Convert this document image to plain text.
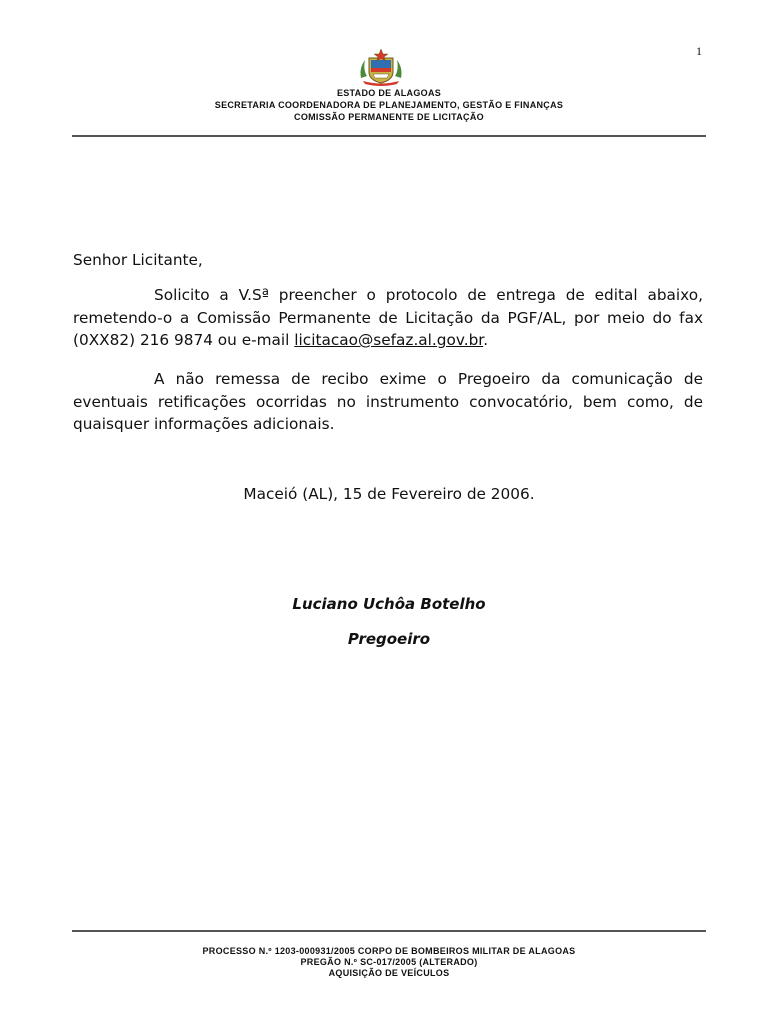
1
ESTADO DE ALAGOAS
SECRETARIA COORDENADORA DE PLANEJAMENTO, GESTÃO E FINANÇAS
COMISSÃO PERMANENTE DE LICITAÇÃO
Senhor Licitante,

Solicito a V.Sª preencher o protocolo de entrega de edital abaixo, remetendo-o a Comissão Permanente de Licitação da PGF/AL, por meio do fax (0XX82) 216 9874 ou e-mail licitacao@sefaz.al.gov.br.

A não remessa de recibo exime o Pregoeiro da comunicação de eventuais retificações ocorridas no instrumento convocatório, bem como, de quaisquer informações adicionais.

Maceió (AL), 15 de Fevereiro de 2006.
Luciano Uchôa Botelho
Pregoeiro
PROCESSO N.º 1203-000931/2005 CORPO DE BOMBEIROS MILITAR DE ALAGOAS
PREGÃO N.º SC-017/2005 (ALTERADO)
AQUISIÇÃO DE VEÍCULOS
